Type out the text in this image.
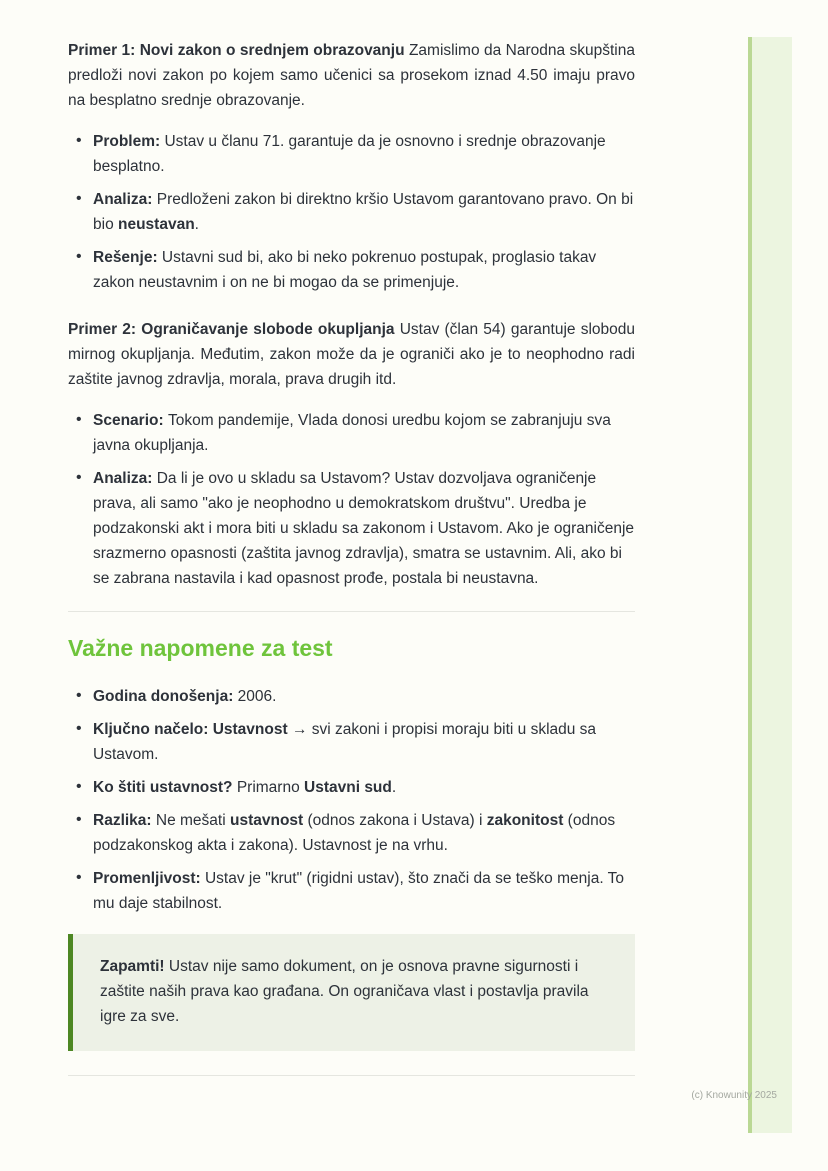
Primer 1: Novi zakon o srednjem obrazovanju Zamislimo da Narodna skupština predloži novi zakon po kojem samo učenici sa prosekom iznad 4.50 imaju pravo na besplatno srednje obrazovanje.

• Problem: Ustav u članu 71. garantuje da je osnovno i srednje obrazovanje besplatno.
• Analiza: Predloženi zakon bi direktno kršio Ustavom garantovano pravo. On bi bio neustavan.
• Rešenje: Ustavni sud bi, ako bi neko pokrenuo postupak, proglasio takav zakon neustavnim i on ne bi mogao da se primenjuje.

Primer 2: Ograničavanje slobode okupljanja Ustav (član 54) garantuje slobodu mirnog okupljanja. Međutim, zakon može da je ograniči ako je to neophodno radi zaštite javnog zdravlja, morala, prava drugih itd.

• Scenario: Tokom pandemije, Vlada donosi uredbu kojom se zabranjuju sva javna okupljanja.
• Analiza: Da li je ovo u skladu sa Ustavom? Ustav dozvoljava ograničenje prava, ali samo "ako je neophodno u demokratskom društvu". Uredba je podzakonski akt i mora biti u skladu sa zakonom i Ustavom. Ako je ograničenje srazmerno opasnosti (zaštita javnog zdravlja), smatra se ustavnim. Ali, ako bi se zabrana nastavila i kad opasnost prođe, postala bi neustavna.
Važne napomene za test
• Godina donošenja: 2006.
• Ključno načelo: Ustavnost → svi zakoni i propisi moraju biti u skladu sa Ustavom.
• Ko štiti ustavnost? Primarno Ustavni sud.
• Razlika: Ne mešati ustavnost (odnos zakona i Ustava) i zakonitost (odnos podzakonskog akta i zakona). Ustavnost je na vrhu.
• Promenljivost: Ustav je "krut" (rigidni ustav), što znači da se teško menja. To mu daje stabilnost.

Zapamti! Ustav nije samo dokument, on je osnova pravne sigurnosti i zaštite naših prava kao građana. On ograničava vlast i postavlja pravila igre za sve.

(c) Knowunity 2025
